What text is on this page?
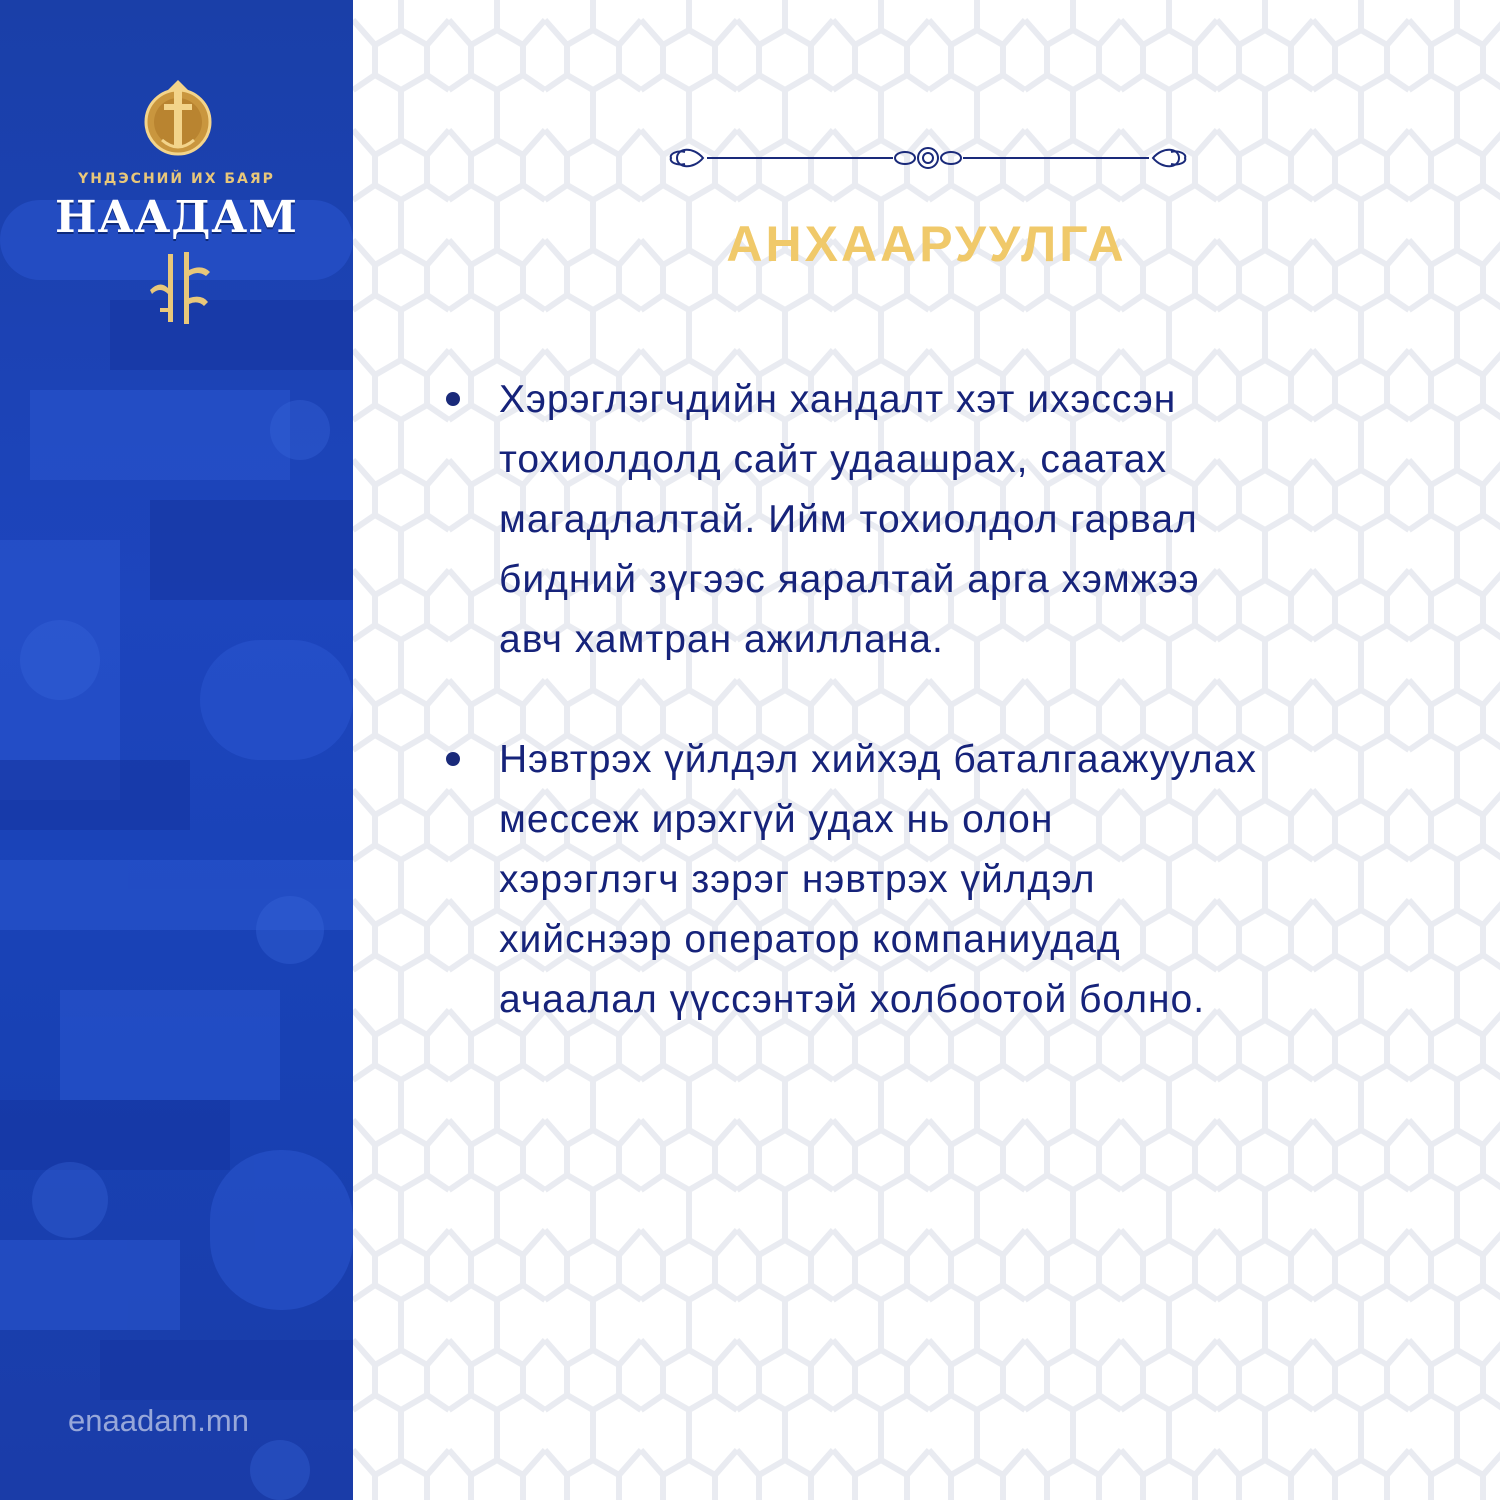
ҮНДЭСНИЙ ИХ БАЯР
НААДАМ
enaadam.mn
АНХААРУУЛГА
Хэрэглэгчдийн хандалт хэт ихэссэн
тохиолдолд сайт удаашрах, саатах
магадлалтай. Ийм тохиолдол гарвал
бидний зүгээс яаралтай арга хэмжээ
авч хамтран ажиллана.
Нэвтрэх үйлдэл хийхэд баталгаажуулах
мессеж ирэхгүй удах нь олон
хэрэглэгч зэрэг нэвтрэх үйлдэл
хийснээр оператор компаниудад
ачаалал үүссэнтэй холбоотой болно.
